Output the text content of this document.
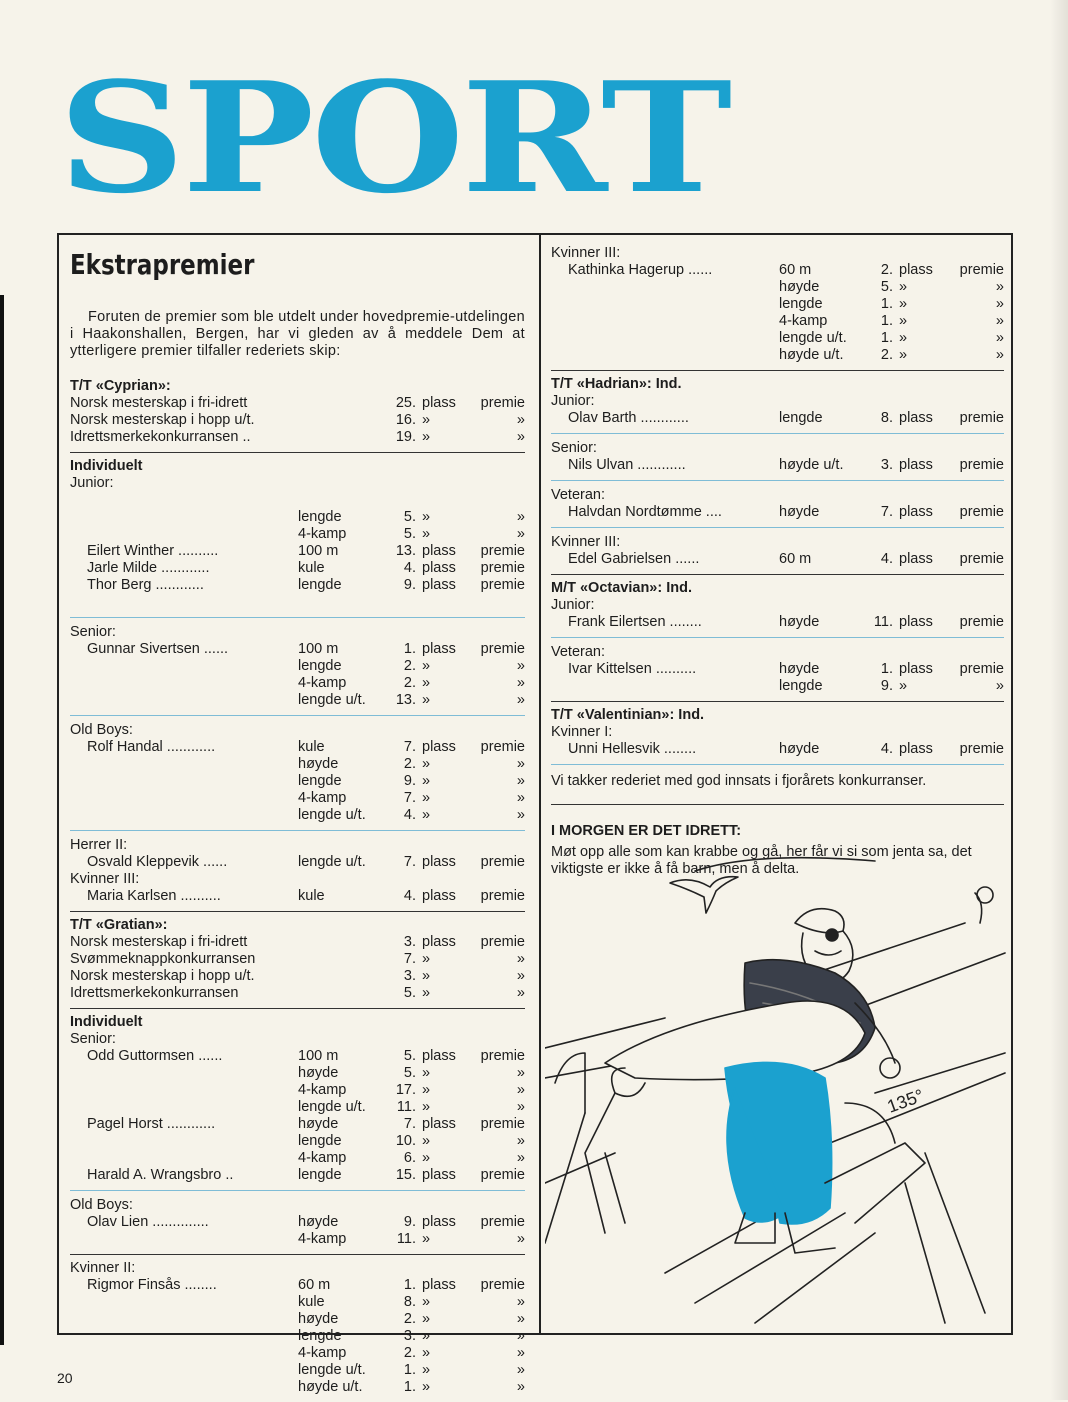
SPORT
Ekstrapremier

Foruten de premier som ble utdelt under hovedpremie-utdelingen i Haakonshallen, Bergen, har vi gleden av å meddele Dem at ytterligere premier tilfaller rederiets skip:

T/T «Cyprian»:
Norsk mesterskap i fri-idrett	25. plass	premie
Norsk mesterskap i hopp u/t.	16. »	»
Idrettsmerkekonkurransen ..	19. »	»
Individuelt
Junior:
lengde	5. »	»
4-kamp	5. »	»
Eilert Winther ..........	100 m	13. plass	premie
Jarle Milde ............	kule	4. plass	premie
Thor Berg ............	lengde	9. plass	premie
Senior:
Gunnar Sivertsen ......	100 m	1. plass	premie
lengde	2. »	»
4-kamp	2. »	»
lengde u/t.	13. »	»
Old Boys:
Rolf Handal ............	kule	7. plass	premie
høyde	2. »	»
lengde	9. »	»
4-kamp	7. »	»
lengde u/t.	4. »	»
Herrer II:
Osvald Kleppevik ......	lengde u/t.	7. plass	premie
Kvinner III:
Maria Karlsen ..........	kule	4. plass	premie
T/T «Gratian»:
Norsk mesterskap i fri-idrett	3. plass	premie
Svømmeknappkonkurransen	7. »	»
Norsk mesterskap i hopp u/t.	3. »	»
Idrettsmerkekonkurransen	5. »	»
Individuelt
Senior:
Odd Guttormsen ......	100 m	5. plass	premie
høyde	5. »	»
4-kamp	17. »	»
lengde u/t.	11. »	»
Pagel Horst ............	høyde	7. plass	premie
lengde	10. »	»
4-kamp	6. »	»
Harald A. Wrangsbro ..	lengde	15. plass	premie
Old Boys:
Olav Lien ..............	høyde	9. plass	premie
4-kamp	11. »	»
Kvinner II:
Rigmor Finsås ........	60 m	1. plass	premie
kule	8. »	»
høyde	2. »	»
lengde	3. »	»
4-kamp	2. »	»
lengde u/t.	1. »	»
høyde u/t.	1. »	»
Kvinner III:
Kathinka Hagerup ......	60 m	2. plass	premie
høyde	5. »	»
lengde	1. »	»
4-kamp	1. »	»
lengde u/t.	1. »	»
høyde u/t.	2. »	»
T/T «Hadrian»: Ind.
Junior:
Olav Barth ............	lengde	8. plass	premie
Senior:
Nils Ulvan ............	høyde u/t.	3. plass	premie
Veteran:
Halvdan Nordtømme ....	høyde	7. plass	premie
Kvinner III:
Edel Gabrielsen ......	60 m	4. plass	premie
M/T «Octavian»: Ind.
Junior:
Frank Eilertsen ........	høyde	11. plass	premie
Veteran:
Ivar Kittelsen ..........	høyde	1. plass	premie
lengde	9. »	»
T/T «Valentinian»: Ind.
Kvinner I:
Unni Hellesvik ........	høyde	4. plass	premie
Vi takker rederiet med god innsats i fjorårets konkurranser.
I MORGEN ER DET IDRETT:

Møt opp alle som kan krabbe og gå, her får vi si som jenta sa, det viktigste er ikke å få barn, men å delta.

135°
20
